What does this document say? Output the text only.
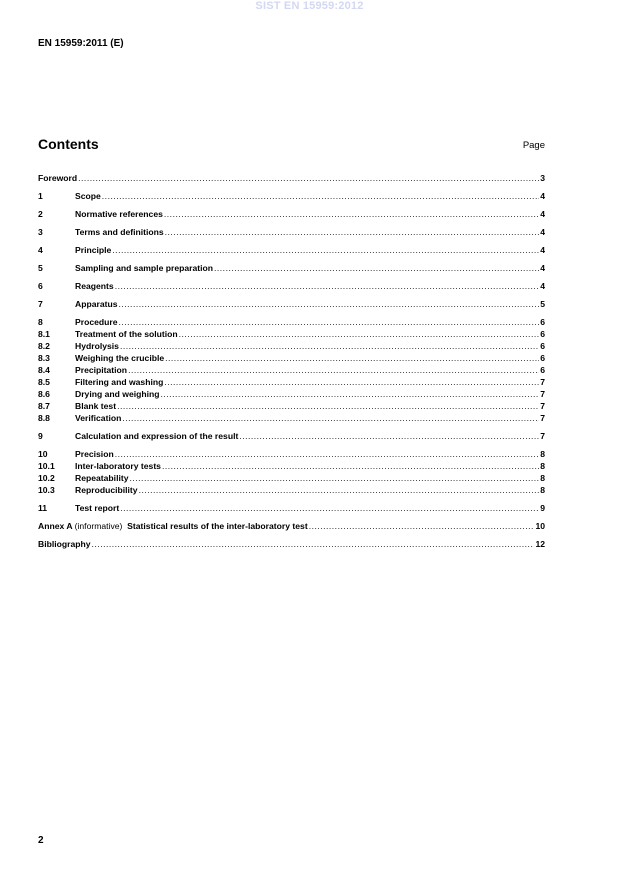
SIST EN 15959:2012
EN 15959:2011 (E)
Contents	Page
Foreword .....	3
1	Scope .....	4
2	Normative references .....	4
3	Terms and definitions .....	4
4	Principle .....	4
5	Sampling and sample preparation .....	4
6	Reagents .....	4
7	Apparatus .....	5
8	Procedure .....	6
8.1	Treatment of the solution .....	6
8.2	Hydrolysis .....	6
8.3	Weighing the crucible .....	6
8.4	Precipitation .....	6
8.5	Filtering and washing .....	7
8.6	Drying and weighing .....	7
8.7	Blank test .....	7
8.8	Verification .....	7
9	Calculation and expression of the result .....	7
10	Precision .....	8
10.1	Inter-laboratory tests .....	8
10.2	Repeatability .....	8
10.3	Reproducibility .....	8
11	Test report .....	9
Annex A (informative) Statistical results of the inter-laboratory test .....	10
Bibliography .....	12
2
